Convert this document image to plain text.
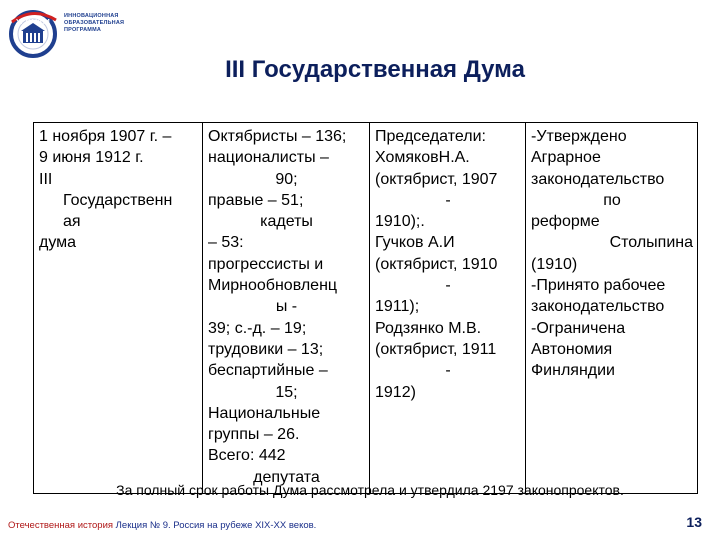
УГТУ-УПИ
ИННОВАЦИОННАЯ
ОБРАЗОВАТЕЛЬНАЯ
ПРОГРАММА
III Государственная Дума
1 ноября 1907 г. –
9 июня 1912 г.
III
Государственн
ая
дума
Октябристы – 136;
националисты –
90;
правые – 51;
кадеты
– 53:
прогрессисты и
Мирнообновленц
ы -
39; с.-д. – 19;
трудовики – 13;
беспартийные –
15;
Национальные
группы – 26.
Всего: 442
депутата
Председатели:
ХомяковН.А.
(октябрист, 1907
-
1910);.
Гучков А.И
(октябрист, 1910
-
1911);
Родзянко М.В.
(октябрист, 1911
-
1912)
-Утверждено
Аграрное
законодательство
по
реформе
Столыпина
(1910)
-Принято рабочее
законодательство
-Ограничена
Автономия
Финляндии
За полный срок работы Дума рассмотрела и утвердила 2197 законопроектов.
Отечественная история Лекция № 9. Россия на рубеже XIX-XX веков.	13
